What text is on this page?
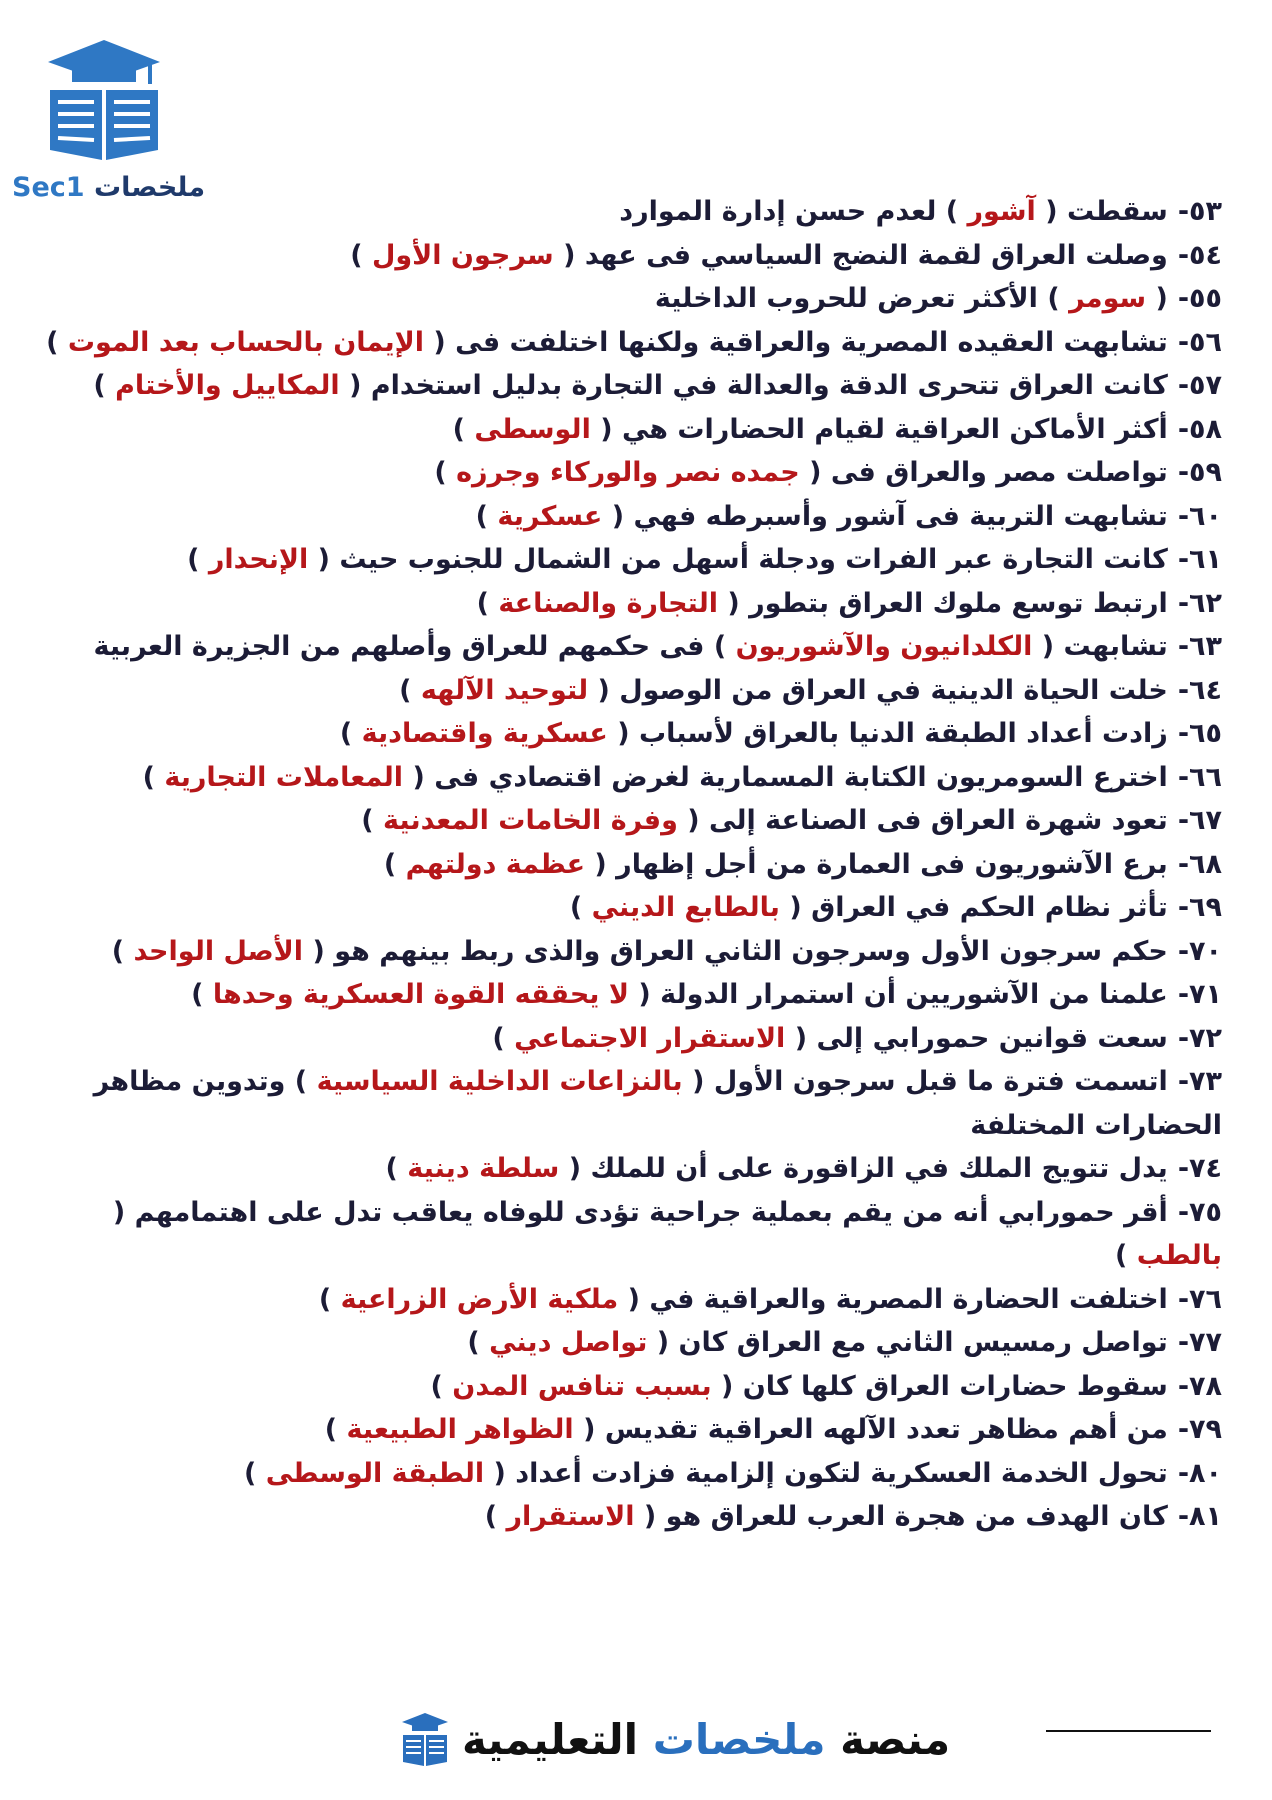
Sec1 ملخصات
٥٣-سقطت ( آشور ) لعدم حسن إدارة الموارد
٥٤-وصلت العراق لقمة النضج السياسي فى عهد ( سرجون الأول )
٥٥-( سومر ) الأكثر تعرض للحروب الداخلية
٥٦-تشابهت العقيده المصرية والعراقية ولكنها اختلفت فى ( الإيمان بالحساب بعد الموت )
٥٧-كانت العراق تتحرى الدقة والعدالة في التجارة بدليل استخدام ( المكاييل والأختام )
٥٨-أكثر الأماكن العراقية لقيام الحضارات هي ( الوسطى )
٥٩-تواصلت مصر والعراق فى ( جمده نصر والوركاء وجرزه )
٦٠-تشابهت التربية فى آشور وأسبرطه فهي ( عسكرية )
٦١-كانت التجارة عبر الفرات ودجلة أسهل من الشمال للجنوب حيث ( الإنحدار )
٦٢-ارتبط توسع ملوك العراق بتطور ( التجارة والصناعة )
٦٣-تشابهت ( الكلدانيون والآشوريون ) فى حكمهم للعراق وأصلهم من الجزيرة العربية
٦٤-خلت الحياة الدينية في العراق من الوصول ( لتوحيد الآلهه )
٦٥-زادت أعداد الطبقة الدنيا بالعراق لأسباب ( عسكرية واقتصادية )
٦٦-اخترع السومريون الكتابة المسمارية لغرض اقتصادي فى ( المعاملات التجارية )
٦٧-تعود شهرة العراق فى الصناعة إلى ( وفرة الخامات المعدنية )
٦٨-برع الآشوريون فى العمارة من أجل إظهار ( عظمة دولتهم )
٦٩-تأثر نظام الحكم في العراق ( بالطابع الديني )
٧٠-حكم سرجون الأول وسرجون الثاني العراق والذى ربط بينهم هو ( الأصل الواحد )
٧١-علمنا من الآشوريين أن استمرار الدولة ( لا يحققه القوة العسكرية وحدها )
٧٢-سعت قوانين حمورابي إلى ( الاستقرار الاجتماعي )
٧٣-اتسمت فترة ما قبل سرجون الأول ( بالنزاعات الداخلية السياسية ) وتدوين مظاهر الحضارات المختلفة
٧٤-يدل تتويج الملك في الزاقورة على أن للملك ( سلطة دينية )
٧٥-أقر حمورابي أنه من يقم بعملية جراحية تؤدى للوفاه يعاقب تدل على اهتمامهم ( بالطب )
٧٦-اختلفت الحضارة المصرية والعراقية في ( ملكية الأرض الزراعية )
٧٧-تواصل رمسيس الثاني مع العراق كان ( تواصل ديني )
٧٨-سقوط حضارات العراق كلها كان ( بسبب تنافس المدن )
٧٩-من أهم مظاهر تعدد الآلهه العراقية تقديس ( الظواهر الطبيعية )
٨٠-تحول الخدمة العسكرية لتكون إلزامية فزادت أعداد ( الطبقة الوسطى )
٨١-كان الهدف من هجرة العرب للعراق هو ( الاستقرار )
منصة ملخصات التعليمية
